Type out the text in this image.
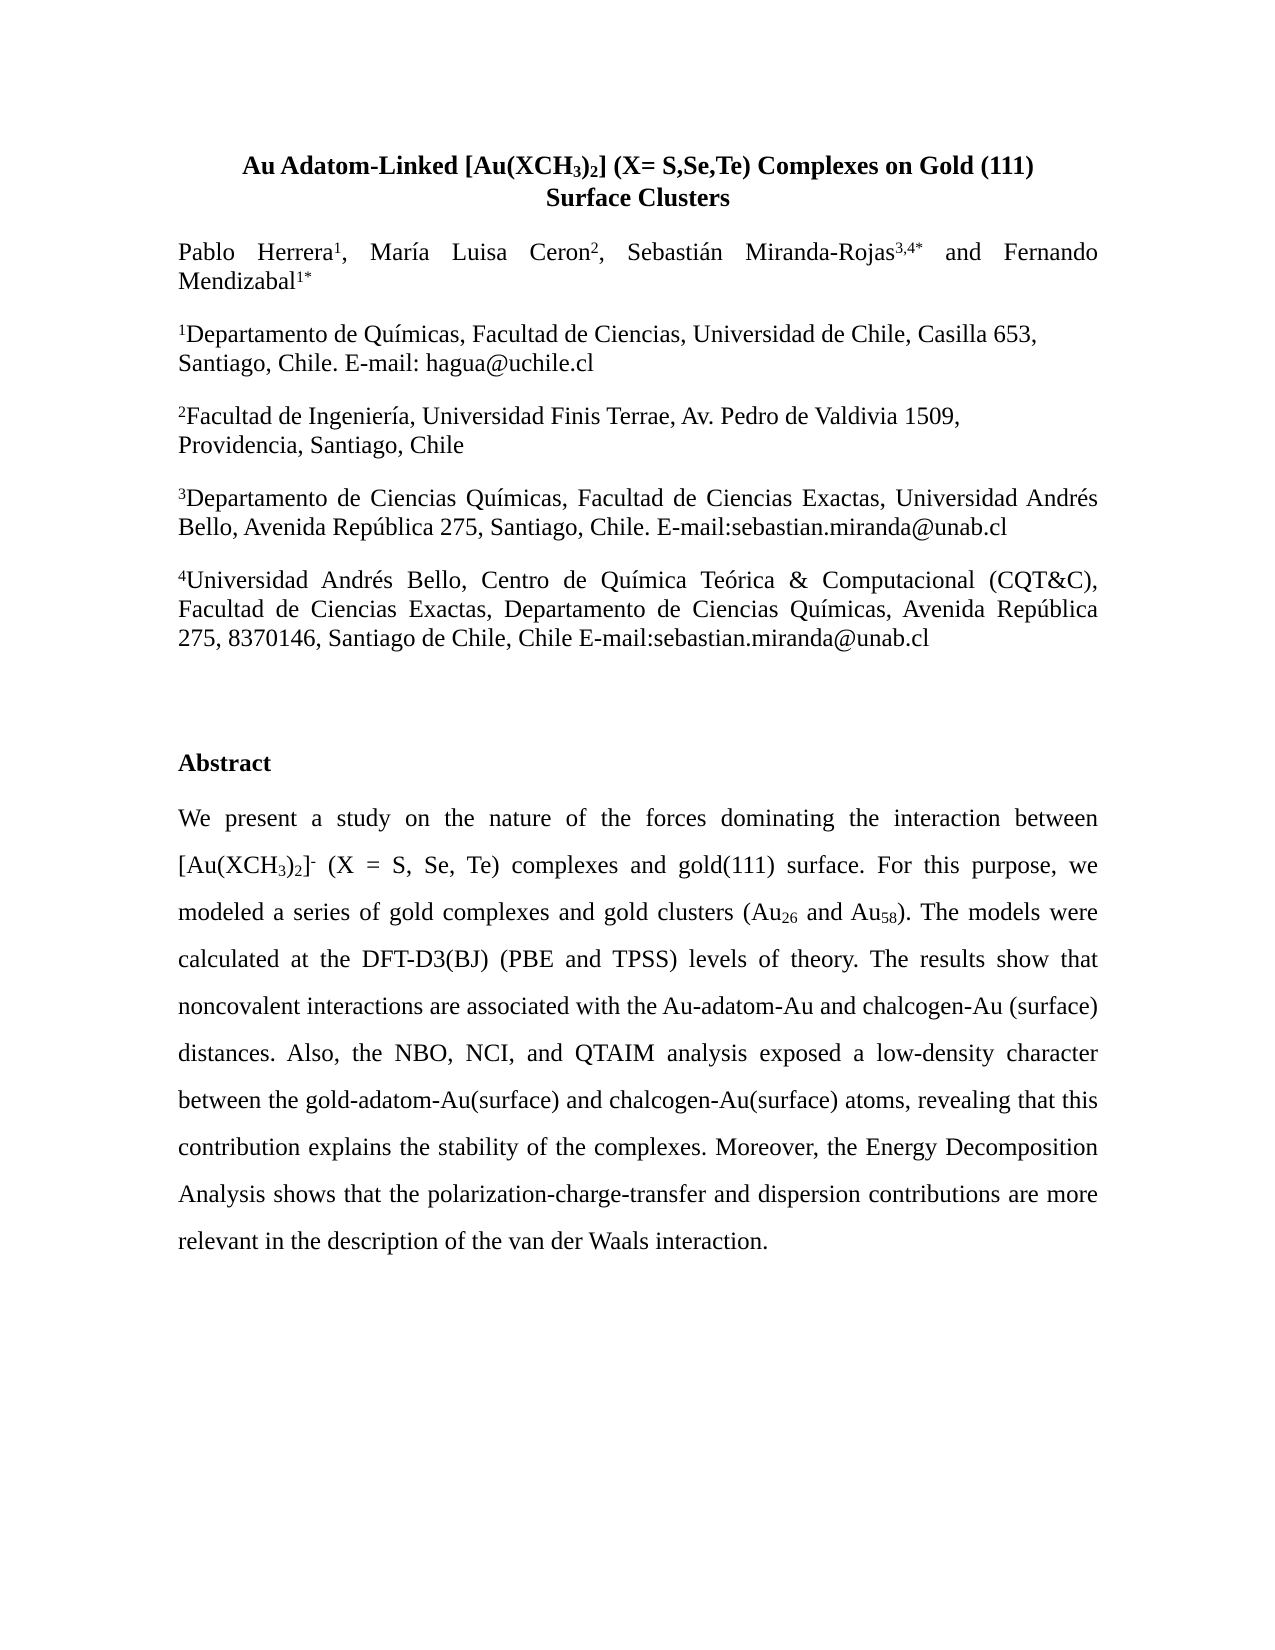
Au Adatom-Linked $[Au(XCH_3)_2]$ (X= S,Se,Te) Complexes on Gold (111)
Surface Clusters

Pablo Herrera$^1$, María Luisa Ceron$^2$, Sebastián Miranda-Rojas$^{3,4*}$ and Fernando Mendizabal$^{1*}$

$^1$Departamento de Químicas, Facultad de Ciencias, Universidad de Chile, Casilla 653,
Santiago, Chile. E-mail: hagua@uchile.cl

$^2$Facultad de Ingeniería, Universidad Finis Terrae, Av. Pedro de Valdivia 1509,
Providencia, Santiago, Chile

$^3$Departamento de Ciencias Químicas, Facultad de Ciencias Exactas, Universidad Andrés Bello, Avenida República 275, Santiago, Chile. E-mail:sebastian.miranda@unab.cl

$^4$Universidad Andrés Bello, Centro de Química Teórica & Computacional (CQT&C), Facultad de Ciencias Exactas, Departamento de Ciencias Químicas, Avenida República 275, 8370146, Santiago de Chile, Chile E-mail:sebastian.miranda@unab.cl

Abstract

We present a study on the nature of the forces dominating the interaction between $[Au(XCH_3)_2]^-$ (X = S, Se, Te) complexes and gold(111) surface. For this purpose, we modeled a series of gold complexes and gold clusters ($Au_{26}$ and $Au_{58}$). The models were calculated at the DFT-D3(BJ) (PBE and TPSS) levels of theory. The results show that noncovalent interactions are associated with the Au-adatom-Au and chalcogen-Au (surface) distances. Also, the NBO, NCI, and QTAIM analysis exposed a low-density character between the gold-adatom-Au(surface) and chalcogen-Au(surface) atoms, revealing that this contribution explains the stability of the complexes. Moreover, the Energy Decomposition Analysis shows that the polarization-charge-transfer and dispersion contributions are more relevant in the description of the van der Waals interaction.
